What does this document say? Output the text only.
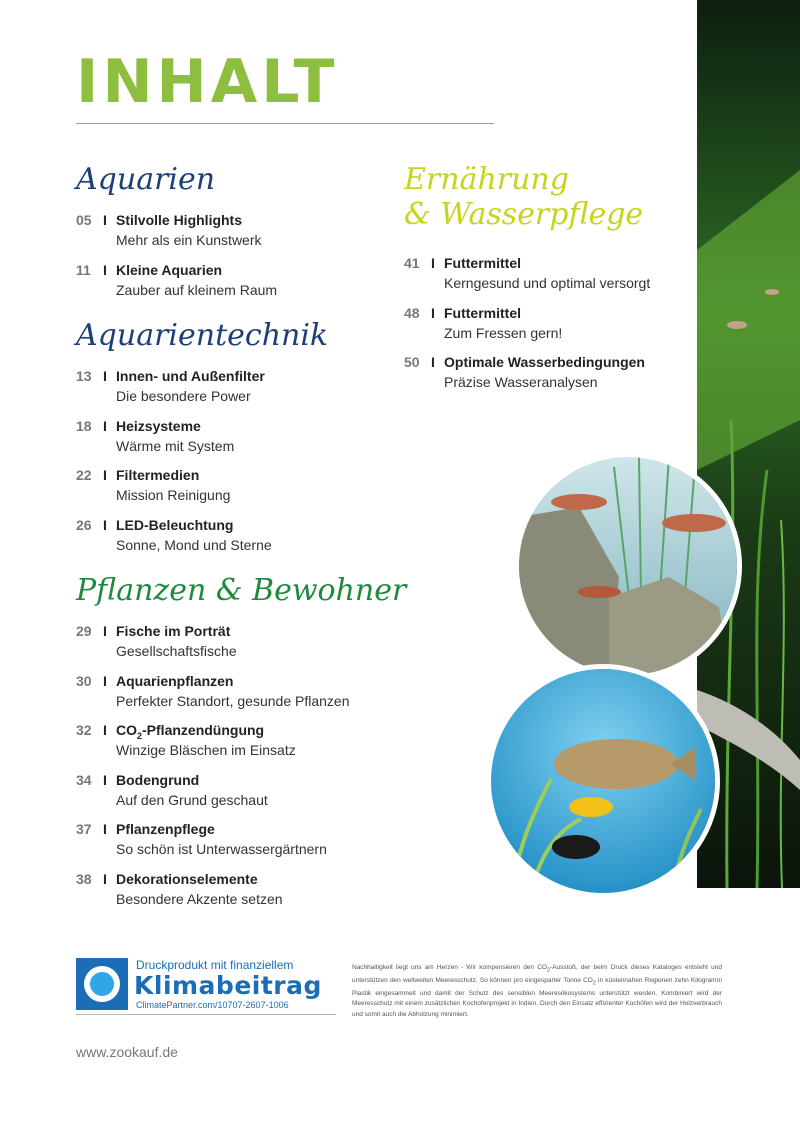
INHALT
Aquarien
05 I Stilvolle Highlights
Mehr als ein Kunstwerk
11 I Kleine Aquarien
Zauber auf kleinem Raum
Aquarientechnik
13 I Innen- und Außenfilter
Die besondere Power
18 I Heizsysteme
Wärme mit System
22 I Filtermedien
Mission Reinigung
26 I LED-Beleuchtung
Sonne, Mond und Sterne
Pflanzen & Bewohner
29 I Fische im Porträt
Gesellschaftsfische
30 I Aquarienpflanzen
Perfekter Standort, gesunde Pflanzen
32 I $CO_2$-Pflanzendüngung
Winzige Bläschen im Einsatz
34 I Bodengrund
Auf den Grund geschaut
37 I Pflanzenpflege
So schön ist Unterwassergärtnern
38 I Dekorationselemente
Besondere Akzente setzen
Ernährung
& Wasserpflege
41 I Futtermittel
Kerngesund und optimal versorgt
48 I Futtermittel
Zum Fressen gern!
50 I Optimale Wasserbedingungen
Präzise Wasseranalysen
Druckprodukt mit finanziellem
Klimabeitrag
ClimatePartner.com/10707-2607-1006
Nachhaltigkeit liegt uns am Herzen - Wir kompensieren den $CO_2$-Ausstoß, der beim Druck dieses Kataloges entsteht und unterstützen den weltweiten Meeresschutz. So können pro eingesparter Tonne $CO_2$ in küstennahen Regionen zehn Kilogramm Plastik eingesammelt und damit der Schutz des sensiblen Meeresökosystems unterstützt werden. Kombiniert wird der Meeresschutz mit einem zusätzlichen Kochofenprojekt in Indien. Durch den Einsatz effizienter Kochöfen wird der Holzverbrauch und somit auch die Abholzung minimiert.
www.zookauf.de
